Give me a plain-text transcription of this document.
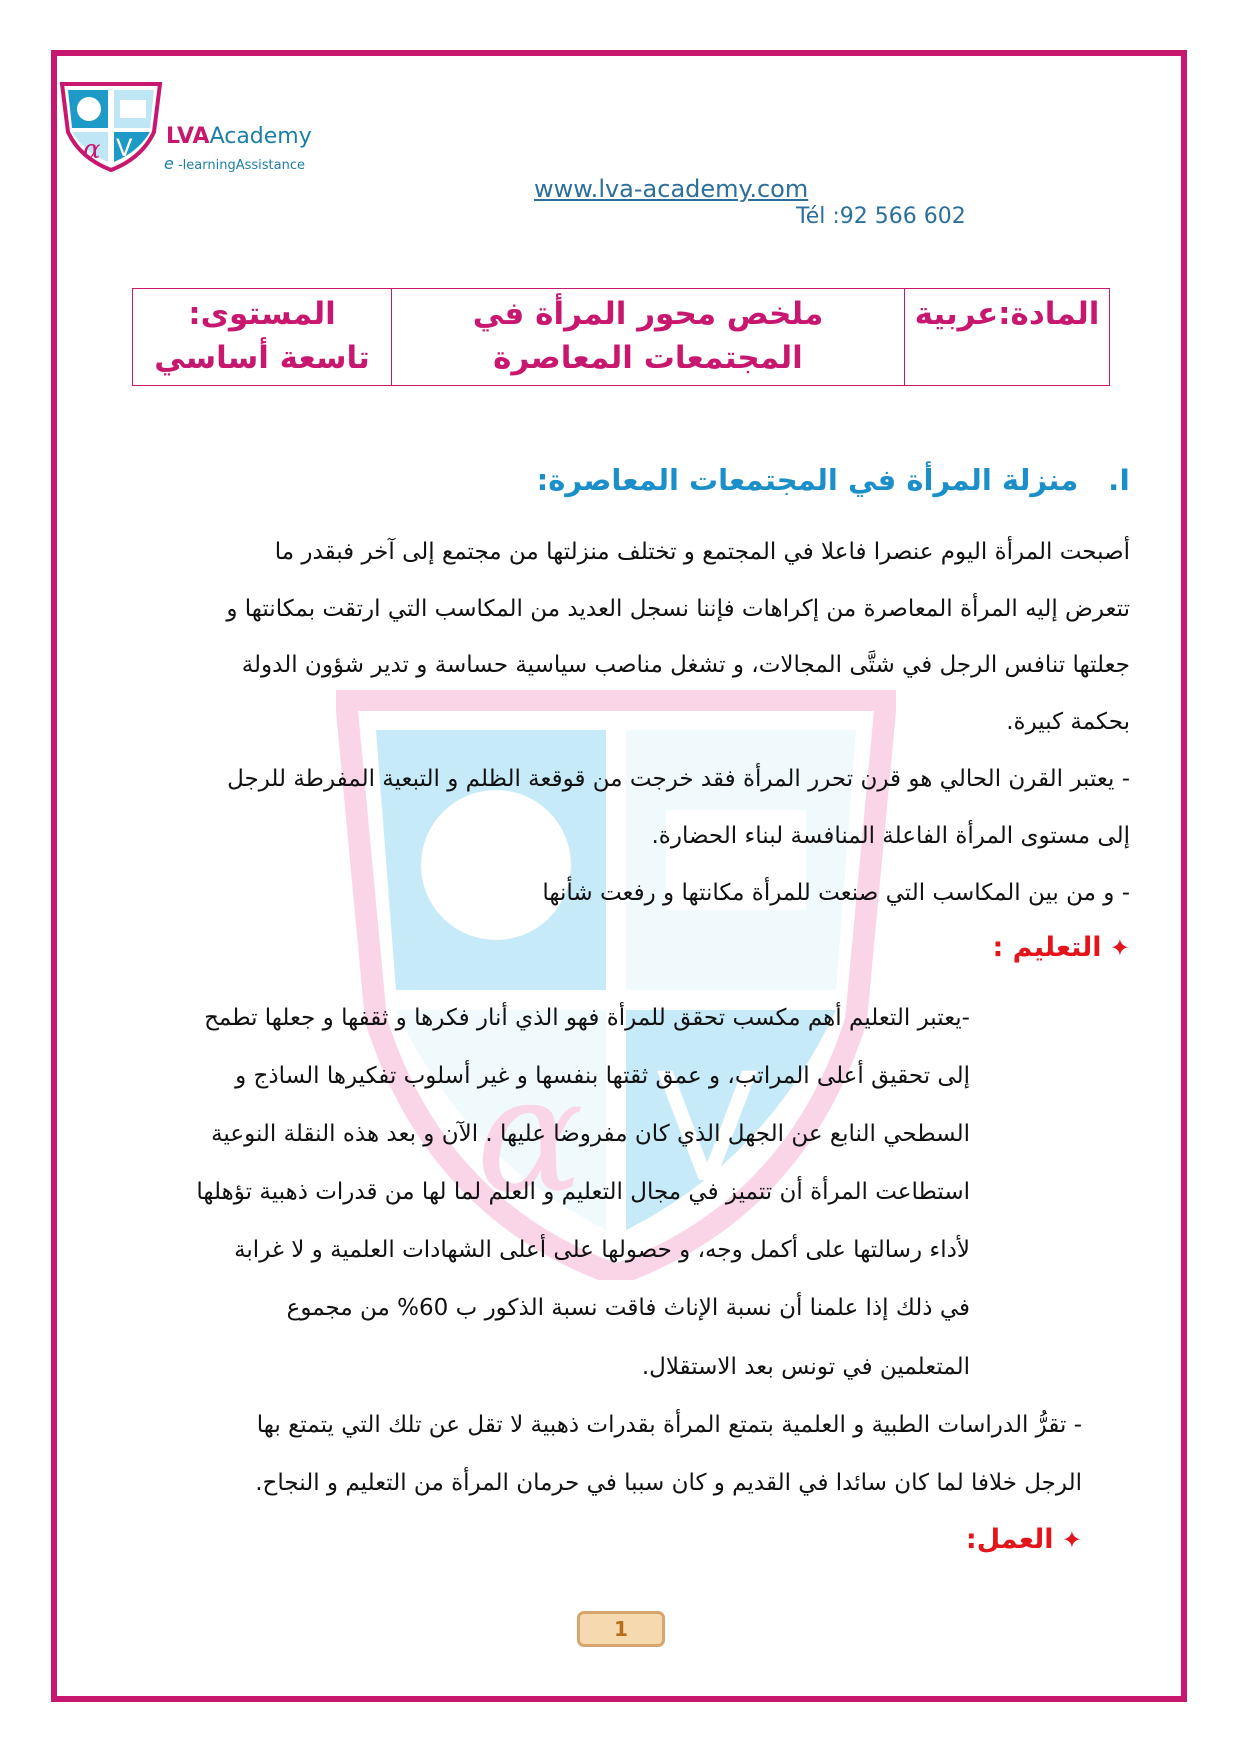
α V LVAAcademy
e -learningAssistance
www.lva-academy.com
Tél :92 566 602
المادة:عربية	ملخص محور المرأة في المجتمعات المعاصرة	المستوى: تاسعة أساسي
α V
I.منزلة المرأة في المجتمعات المعاصرة:
أصبحت المرأة اليوم عنصرا فاعلا في المجتمع و تختلف منزلتها من مجتمع إلى آخر فبقدر ما
تتعرض إليه المرأة المعاصرة من إكراهات فإننا نسجل العديد من المكاسب التي ارتقت بمكانتها و
جعلتها تنافس الرجل في شتَّى المجالات، و تشغل مناصب سياسية حساسة و تدير شؤون الدولة
بحكمة كبيرة.
- يعتبر القرن الحالي هو قرن تحرر المرأة فقد خرجت من قوقعة الظلم و التبعية المفرطة للرجل
إلى مستوى المرأة الفاعلة المنافسة لبناء الحضارة.
- و من بين المكاسب التي صنعت للمرأة مكانتها و رفعت شأنها
✦ التعليم :
-يعتبر التعليم أهم مكسب تحقق للمرأة فهو الذي أنار فكرها و ثقفها و جعلها تطمح
إلى تحقيق أعلى المراتب، و عمق ثقتها بنفسها و غير أسلوب تفكيرها الساذج و
السطحي النابع عن الجهل الذي كان مفروضا عليها . الآن و بعد هذه النقلة النوعية
استطاعت المرأة أن تتميز في مجال التعليم و العلم لما لها من قدرات ذهبية تؤهلها
لأداء رسالتها على أكمل وجه، و حصولها على أعلى الشهادات العلمية و لا غرابة
في ذلك إذا علمنا أن نسبة الإناث فاقت نسبة الذكور ب 60% من مجموع
المتعلمين في تونس بعد الاستقلال.
- تقرُّ الدراسات الطبية و العلمية بتمتع المرأة بقدرات ذهبية لا تقل عن تلك التي يتمتع بها
الرجل خلافا لما كان سائدا في القديم و كان سببا في حرمان المرأة من التعليم و النجاح.
✦ العمل:
1
